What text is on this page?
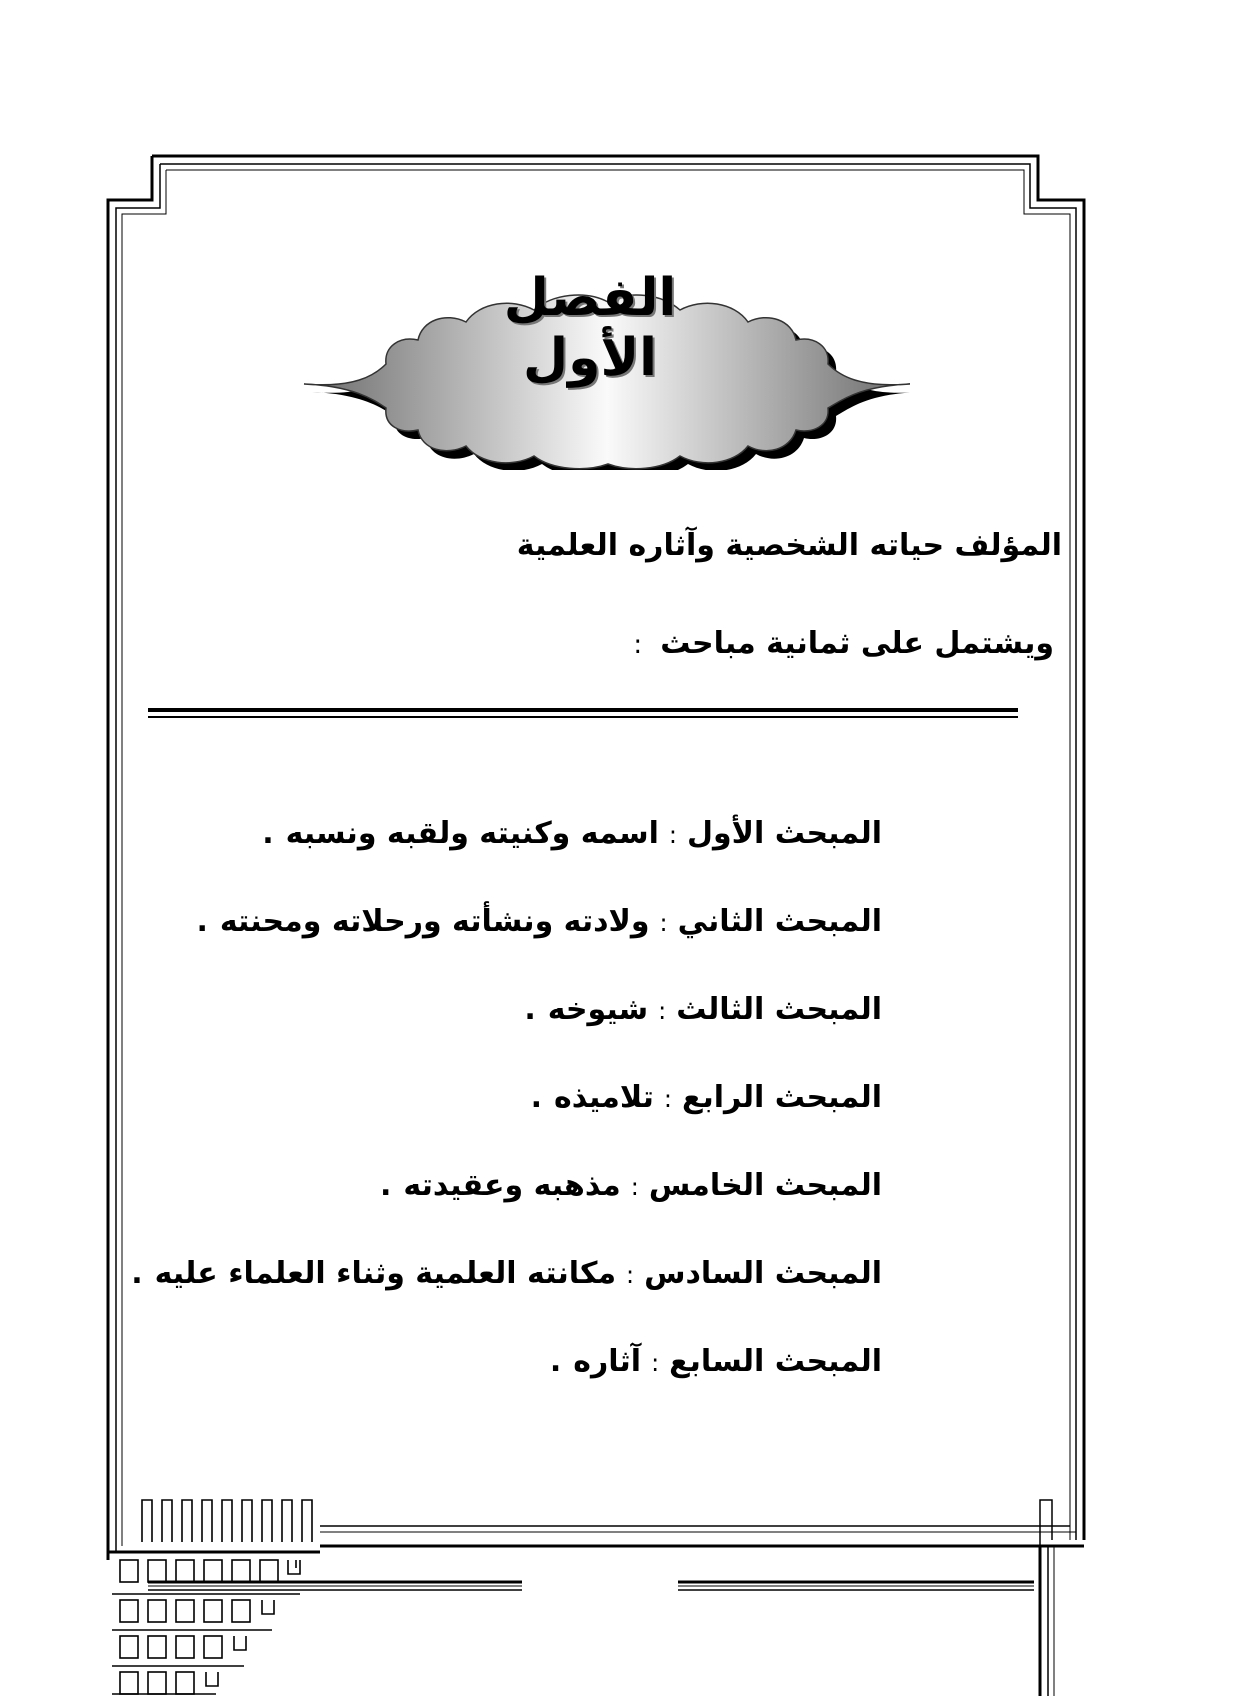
الفصل الأول
المؤلف حياته الشخصية وآثاره العلمية
ويشتمل على ثمانية مباحث:
المبحث الأول:اسمه وكنيته ولقبه ونسبه.
المبحث الثاني:ولادته ونشأته ورحلاته ومحنته.
المبحث الثالث:شيوخه.
المبحث الرابع:تلاميذه.
المبحث الخامس:مذهبه وعقيدته.
المبحث السادس:مكانته العلمية وثناء العلماء عليه.
المبحث السابع:آثاره.
